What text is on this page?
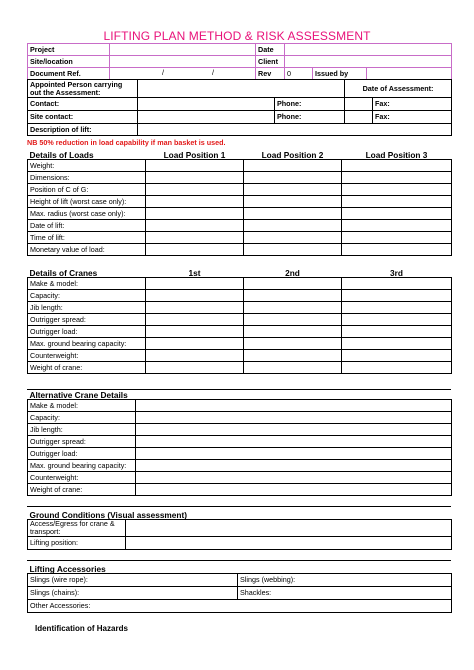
LIFTING PLAN METHOD & RISK ASSESSMENT
Project		Date			
Site/location		Client			
Document Ref.	/ /	Rev	0	Issued by	
Appointed Person carrying out the Assessment:			Date of Assessment:	
Contact:		Phone:		Fax:
Site contact:		Phone:		Fax:
Description of lift:				
NB 50% reduction in load capability if man basket is used.
Details of Loads	Load Position 1	Load Position 2	Load Position 3
Weight:			
Dimensions:			
Position of C of G:			
Height of lift (worst case only):			
Max. radius (worst case only):			
Date of lift:			
Time of lift:			
Monetary value of load:			
Details of Cranes	1st	2nd	3rd
Make & model:			
Capacity:			
Jib length:			
Outrigger spread:			
Outrigger load:			
Max. ground bearing capacity:			
Counterweight:			
Weight of crane:			
Alternative Crane Details	
Make & model:	
Capacity:	
Jib length:	
Outrigger spread:	
Outrigger load:	
Max. ground bearing capacity:	
Counterweight:	
Weight of crane:	
Ground Conditions (Visual assessment)	
Access/Egress for crane & transport:	
Lifting position:	
Lifting Accessories	
Slings (wire rope):	Slings (webbing):
Slings (chains):	Shackles:
Other Accessories:	
Identification of Hazards
